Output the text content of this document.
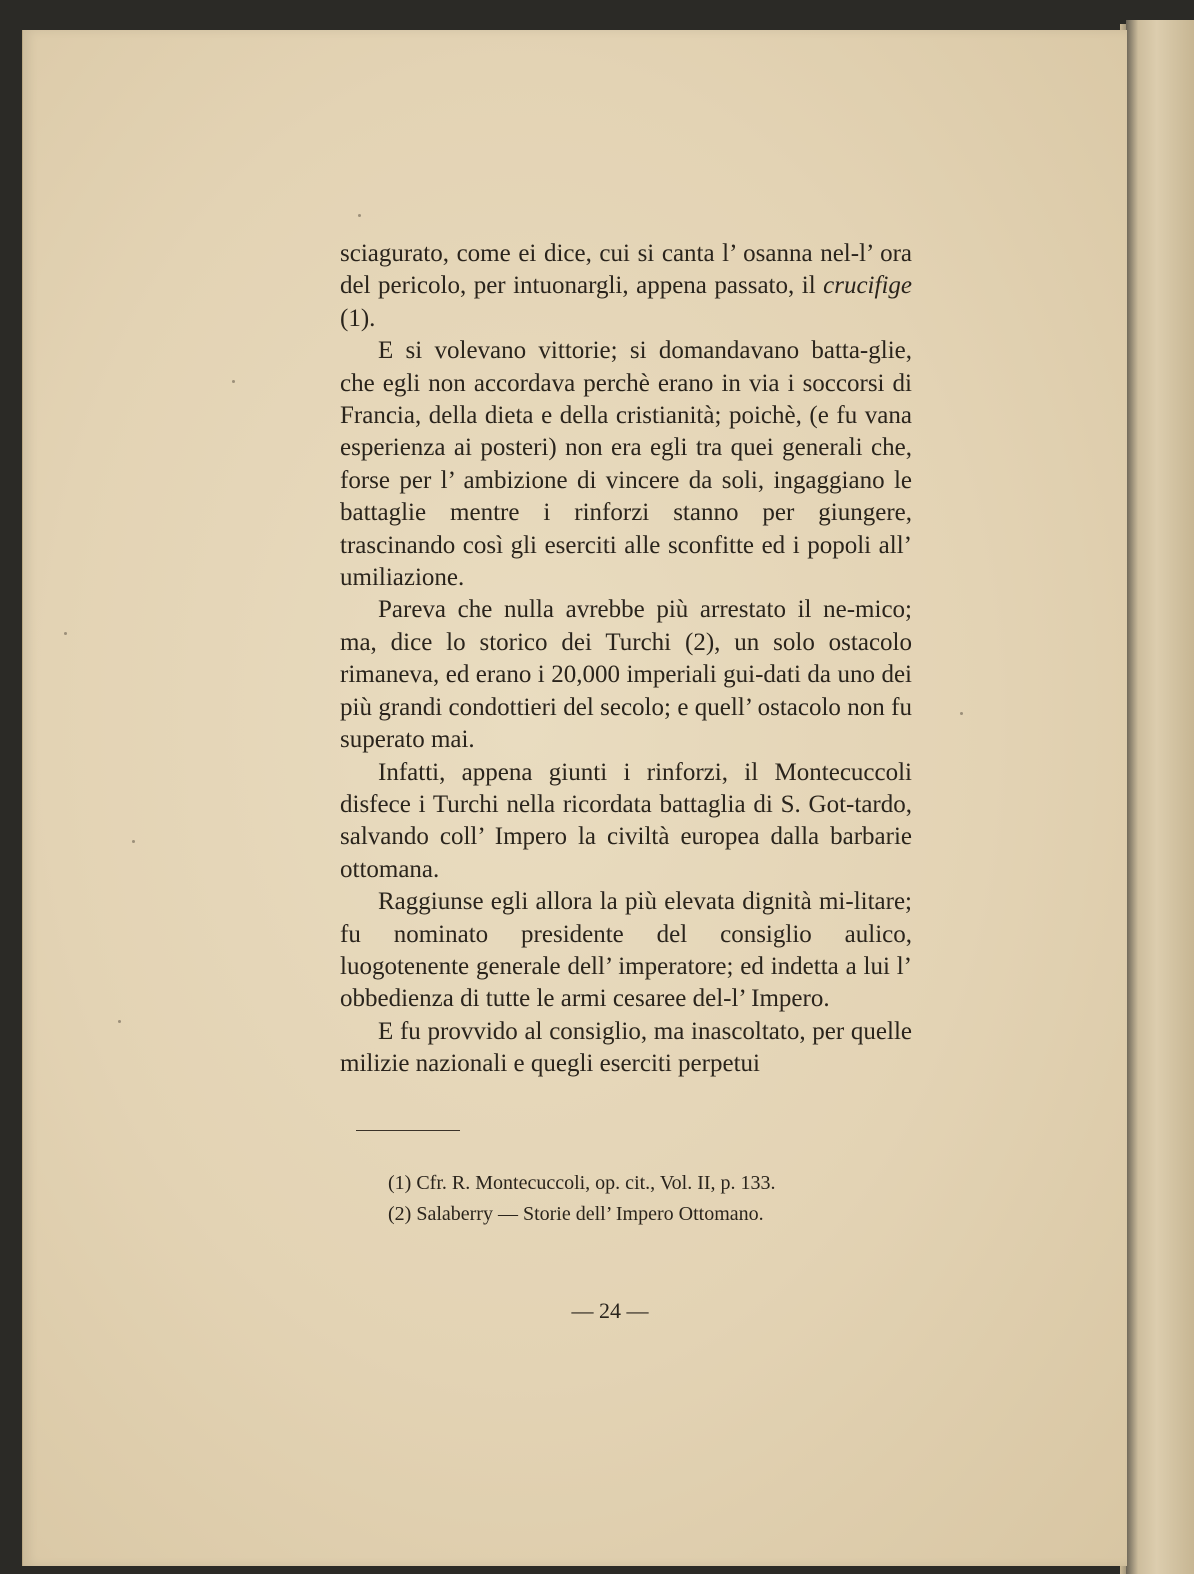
sciagurato, come ei dice, cui si canta l’ osanna nel-l’ ora del pericolo, per intuonargli, appena passato, il crucifige (1).

E si volevano vittorie; si domandavano batta-glie, che egli non accordava perchè erano in via i soccorsi di Francia, della dieta e della cristianità; poichè, (e fu vana esperienza ai posteri) non era egli tra quei generali che, forse per l’ ambizione di vincere da soli, ingaggiano le battaglie mentre i rinforzi stanno per giungere, trascinando così gli eserciti alle sconfitte ed i popoli all’ umiliazione.

Pareva che nulla avrebbe più arrestato il ne-mico; ma, dice lo storico dei Turchi (2), un solo ostacolo rimaneva, ed erano i 20,000 imperiali gui-dati da uno dei più grandi condottieri del secolo; e quell’ ostacolo non fu superato mai.

Infatti, appena giunti i rinforzi, il Montecuccoli disfece i Turchi nella ricordata battaglia di S. Got-tardo, salvando coll’ Impero la civiltà europea dalla barbarie ottomana.

Raggiunse egli allora la più elevata dignità mi-litare; fu nominato presidente del consiglio aulico, luogotenente generale dell’ imperatore; ed indetta a lui l’ obbedienza di tutte le armi cesaree del-l’ Impero.

E fu provvido al consiglio, ma inascoltato, per quelle milizie nazionali e quegli eserciti perpetui

(1) Cfr. R. Montecuccoli, op. cit., Vol. II, p. 133.
(2) Salaberry — Storie dell’ Impero Ottomano.
— 24 —
